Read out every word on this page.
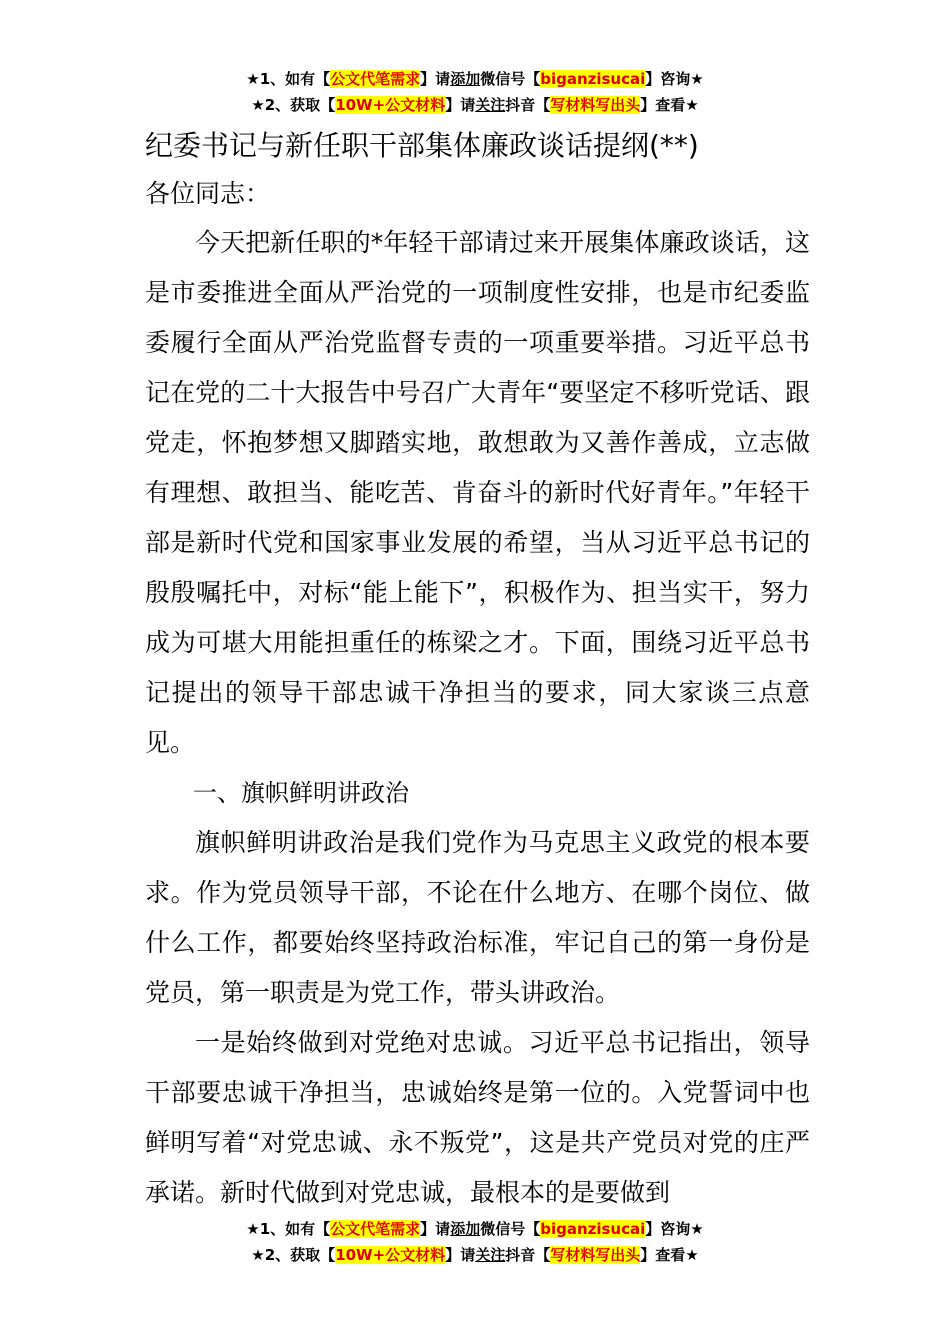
★1、如有【公文代笔需求】请添加微信号【biganzisucai】咨询★
★2、获取【10W+公文材料】请关注抖音【写材料写出头】查看★
纪委书记与新任职干部集体廉政谈话提纲(**)
各位同志：

今天把新任职的*年轻干部请过来开展集体廉政谈话，这是市委推进全面从严治党的一项制度性安排，也是市纪委监委履行全面从严治党监督专责的一项重要举措。习近平总书记在党的二十大报告中号召广大青年“要坚定不移听党话、跟党走，怀抱梦想又脚踏实地，敢想敢为又善作善成，立志做有理想、敢担当、能吃苦、肯奋斗的新时代好青年。”年轻干部是新时代党和国家事业发展的希望，当从习近平总书记的殷殷嘱托中，对标“能上能下”，积极作为、担当实干，努力成为可堪大用能担重任的栋梁之才。下面，围绕习近平总书记提出的领导干部忠诚干净担当的要求，同大家谈三点意见。

一、旗帜鲜明讲政治

旗帜鲜明讲政治是我们党作为马克思主义政党的根本要求。作为党员领导干部，不论在什么地方、在哪个岗位、做什么工作，都要始终坚持政治标准，牢记自己的第一身份是党员，第一职责是为党工作，带头讲政治。

一是始终做到对党绝对忠诚。习近平总书记指出，领导干部要忠诚干净担当，忠诚始终是第一位的。入党誓词中也鲜明写着“对党忠诚、永不叛党”，这是共产党员对党的庄严承诺。新时代做到对党忠诚，最根本的是要做到

★1、如有【公文代笔需求】请添加微信号【biganzisucai】咨询★
★2、获取【10W+公文材料】请关注抖音【写材料写出头】查看★
